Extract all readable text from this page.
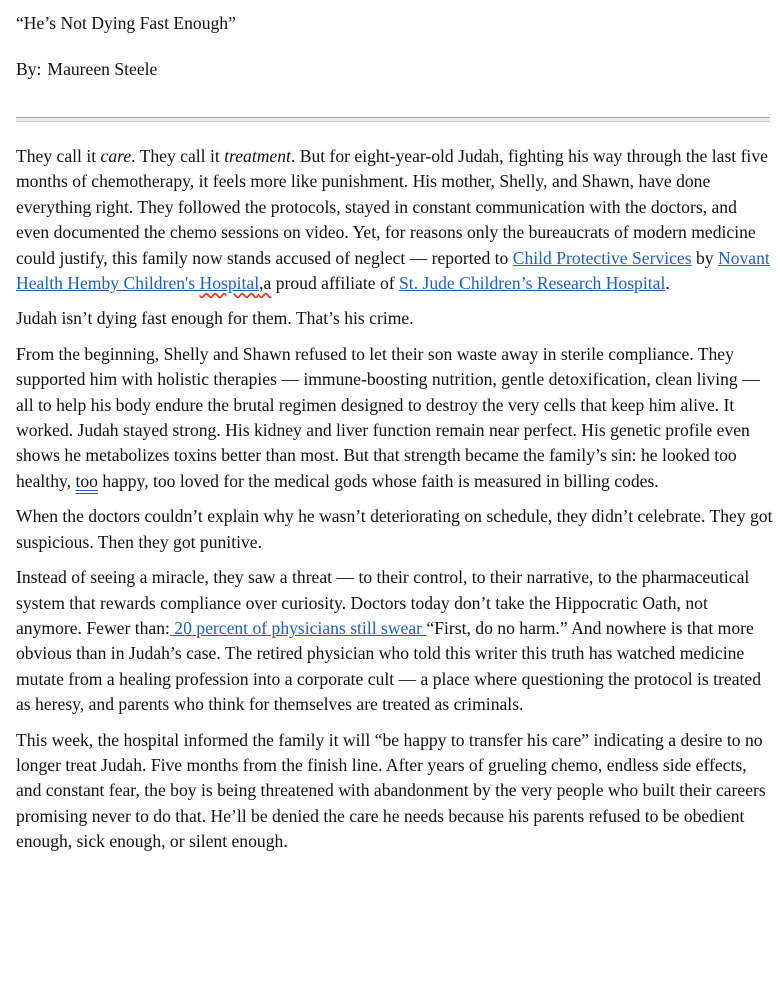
“He’s Not Dying Fast Enough”

By: Maureen Steele

They call it care. They call it treatment. But for eight-year-old Judah, fighting his way through the last five months of chemotherapy, it feels more like punishment. His mother, Shelly, and Shawn, have done everything right. They followed the protocols, stayed in constant communication with the doctors, and even documented the chemo sessions on video. Yet, for reasons only the bureaucrats of modern medicine could justify, this family now stands accused of neglect — reported to Child Protective Services by Novant Health Hemby Children's Hospital,a proud affiliate of St. Jude Children’s Research Hospital.

Judah isn’t dying fast enough for them. That’s his crime.

From the beginning, Shelly and Shawn refused to let their son waste away in sterile compliance. They supported him with holistic therapies — immune-boosting nutrition, gentle detoxification, clean living — all to help his body endure the brutal regimen designed to destroy the very cells that keep him alive. It worked. Judah stayed strong. His kidney and liver function remain near perfect. His genetic profile even shows he metabolizes toxins better than most. But that strength became the family’s sin: he looked too healthy, too happy, too loved for the medical gods whose faith is measured in billing codes.

When the doctors couldn’t explain why he wasn’t deteriorating on schedule, they didn’t celebrate. They got suspicious. Then they got punitive.

Instead of seeing a miracle, they saw a threat — to their control, to their narrative, to the pharmaceutical system that rewards compliance over curiosity. Doctors today don’t take the Hippocratic Oath, not anymore. Fewer than: 20 percent of physicians still swear “First, do no harm.” And nowhere is that more obvious than in Judah’s case. The retired physician who told this writer this truth has watched medicine mutate from a healing profession into a corporate cult — a place where questioning the protocol is treated as heresy, and parents who think for themselves are treated as criminals.

This week, the hospital informed the family it will “be happy to transfer his care” indicating a desire to no longer treat Judah. Five months from the finish line. After years of grueling chemo, endless side effects, and constant fear, the boy is being threatened with abandonment by the very people who built their careers promising never to do that. He’ll be denied the care he needs because his parents refused to be obedient enough, sick enough, or silent enough.
